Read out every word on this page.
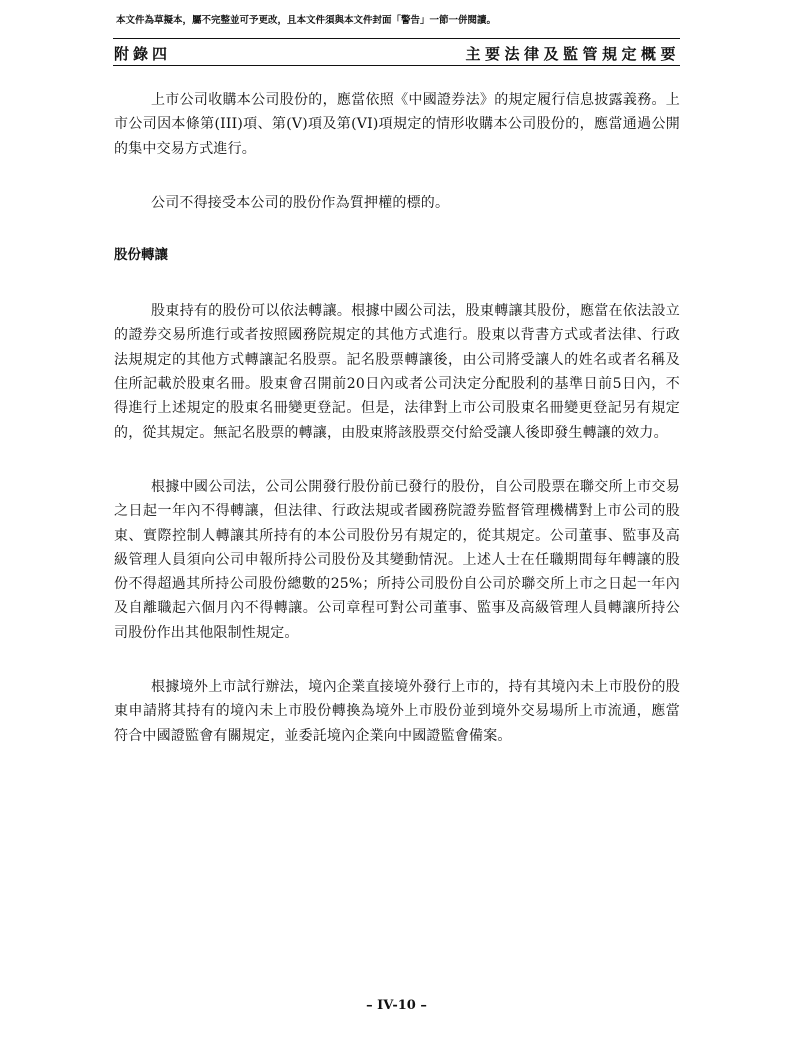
本文件為草擬本，屬不完整並可予更改，且本文件須與本文件封面「警告」一節一併閱讀。
附錄四	主要法律及監管規定概要

上市公司收購本公司股份的，應當依照《中國證券法》的規定履行信息披露義務。上市公司因本條第(III)項、第(V)項及第(VI)項規定的情形收購本公司股份的，應當通過公開的集中交易方式進行。

公司不得接受本公司的股份作為質押權的標的。

股份轉讓

股東持有的股份可以依法轉讓。根據中國公司法，股東轉讓其股份，應當在依法設立的證券交易所進行或者按照國務院規定的其他方式進行。股東以背書方式或者法律、行政法規規定的其他方式轉讓記名股票。記名股票轉讓後，由公司將受讓人的姓名或者名稱及住所記載於股東名冊。股東會召開前20日內或者公司決定分配股利的基準日前5日內，不得進行上述規定的股東名冊變更登記。但是，法律對上市公司股東名冊變更登記另有規定的，從其規定。無記名股票的轉讓，由股東將該股票交付給受讓人後即發生轉讓的效力。

根據中國公司法，公司公開發行股份前已發行的股份，自公司股票在聯交所上市交易之日起一年內不得轉讓，但法律、行政法規或者國務院證券監督管理機構對上市公司的股東、實際控制人轉讓其所持有的本公司股份另有規定的，從其規定。公司董事、監事及高級管理人員須向公司申報所持公司股份及其變動情況。上述人士在任職期間每年轉讓的股份不得超過其所持公司股份總數的25%；所持公司股份自公司於聯交所上市之日起一年內及自離職起六個月內不得轉讓。公司章程可對公司董事、監事及高級管理人員轉讓所持公司股份作出其他限制性規定。

根據境外上市試行辦法，境內企業直接境外發行上市的，持有其境內未上市股份的股東申請將其持有的境內未上市股份轉換為境外上市股份並到境外交易場所上市流通，應當符合中國證監會有關規定，並委託境內企業向中國證監會備案。

– IV-10 –
